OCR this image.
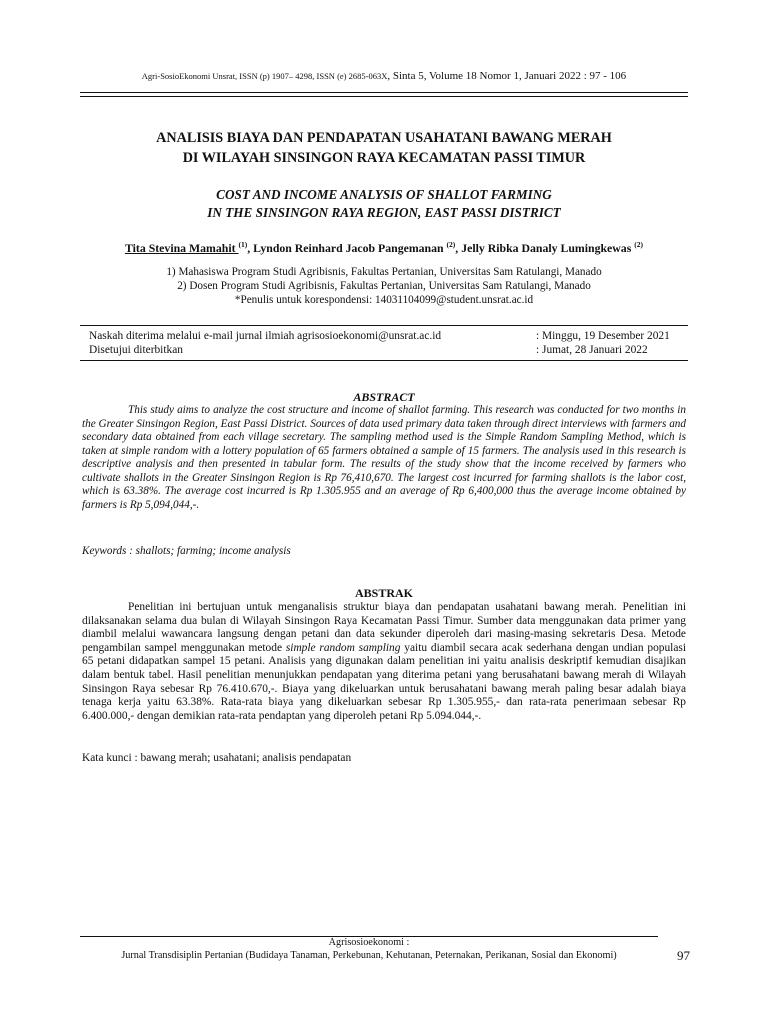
Agri-SosioEkonomi Unsrat, ISSN (p) 1907– 4298, ISSN (e) 2685-063X, Sinta 5, Volume 18 Nomor 1, Januari 2022 : 97 - 106
ANALISIS BIAYA DAN PENDAPATAN USAHATANI BAWANG MERAH
DI WILAYAH SINSINGON RAYA KECAMATAN PASSI TIMUR
COST AND INCOME ANALYSIS OF SHALLOT FARMING
IN THE SINSINGON RAYA REGION, EAST PASSI DISTRICT
Tita Stevina Mamahit $^{(1)}$, Lyndon Reinhard Jacob Pangemanan $^{(2)}$, Jelly Ribka Danaly Lumingkewas $^{(2)}$
1) Mahasiswa Program Studi Agribisnis, Fakultas Pertanian, Universitas Sam Ratulangi, Manado
2) Dosen Program Studi Agribisnis, Fakultas Pertanian, Universitas Sam Ratulangi, Manado
*Penulis untuk korespondensi: 14031104099@student.unsrat.ac.id
Naskah diterima melalui e-mail jurnal ilmiah agrisosioekonomi@unsrat.ac.id	: Minggu, 19 Desember 2021
Disetujui diterbitkan	: Jumat, 28 Januari 2022
ABSTRACT
This study aims to analyze the cost structure and income of shallot farming. This research was conducted for two months in the Greater Sinsingon Region, East Passi District. Sources of data used primary data taken through direct interviews with farmers and secondary data obtained from each village secretary. The sampling method used is the Simple Random Sampling Method, which is taken at simple random with a lottery population of 65 farmers obtained a sample of 15 farmers. The analysis used in this research is descriptive analysis and then presented in tabular form. The results of the study show that the income received by farmers who cultivate shallots in the Greater Sinsingon Region is Rp 76,410,670. The largest cost incurred for farming shallots is the labor cost, which is 63.38%. The average cost incurred is Rp 1.305.955 and an average of Rp 6,400,000 thus the average income obtained by farmers is Rp 5,094,044,-.
Keywords : shallots; farming; income analysis
ABSTRAK
Penelitian ini bertujuan untuk menganalisis struktur biaya dan pendapatan usahatani bawang merah. Penelitian ini dilaksanakan selama dua bulan di Wilayah Sinsingon Raya Kecamatan Passi Timur. Sumber data menggunakan data primer yang diambil melalui wawancara langsung dengan petani dan data sekunder diperoleh dari masing-masing sekretaris Desa. Metode pengambilan sampel menggunakan metode simple random sampling yaitu diambil secara acak sederhana dengan undian populasi 65 petani didapatkan sampel 15 petani. Analisis yang digunakan dalam penelitian ini yaitu analisis deskriptif kemudian disajikan dalam bentuk tabel. Hasil penelitian menunjukkan pendapatan yang diterima petani yang berusahatani bawang merah di Wilayah Sinsingon Raya sebesar Rp 76.410.670,-. Biaya yang dikeluarkan untuk berusahatani bawang merah paling besar adalah biaya tenaga kerja yaitu 63.38%. Rata-rata biaya yang dikeluarkan sebesar Rp 1.305.955,- dan rata-rata penerimaan sebesar Rp 6.400.000,- dengan demikian rata-rata pendaptan yang diperoleh petani Rp 5.094.044,-.
Kata kunci : bawang merah; usahatani; analisis pendapatan
Agrisosioekonomi :
Jurnal Transdisiplin Pertanian (Budidaya Tanaman, Perkebunan, Kehutanan, Peternakan, Perikanan, Sosial dan Ekonomi)	97
